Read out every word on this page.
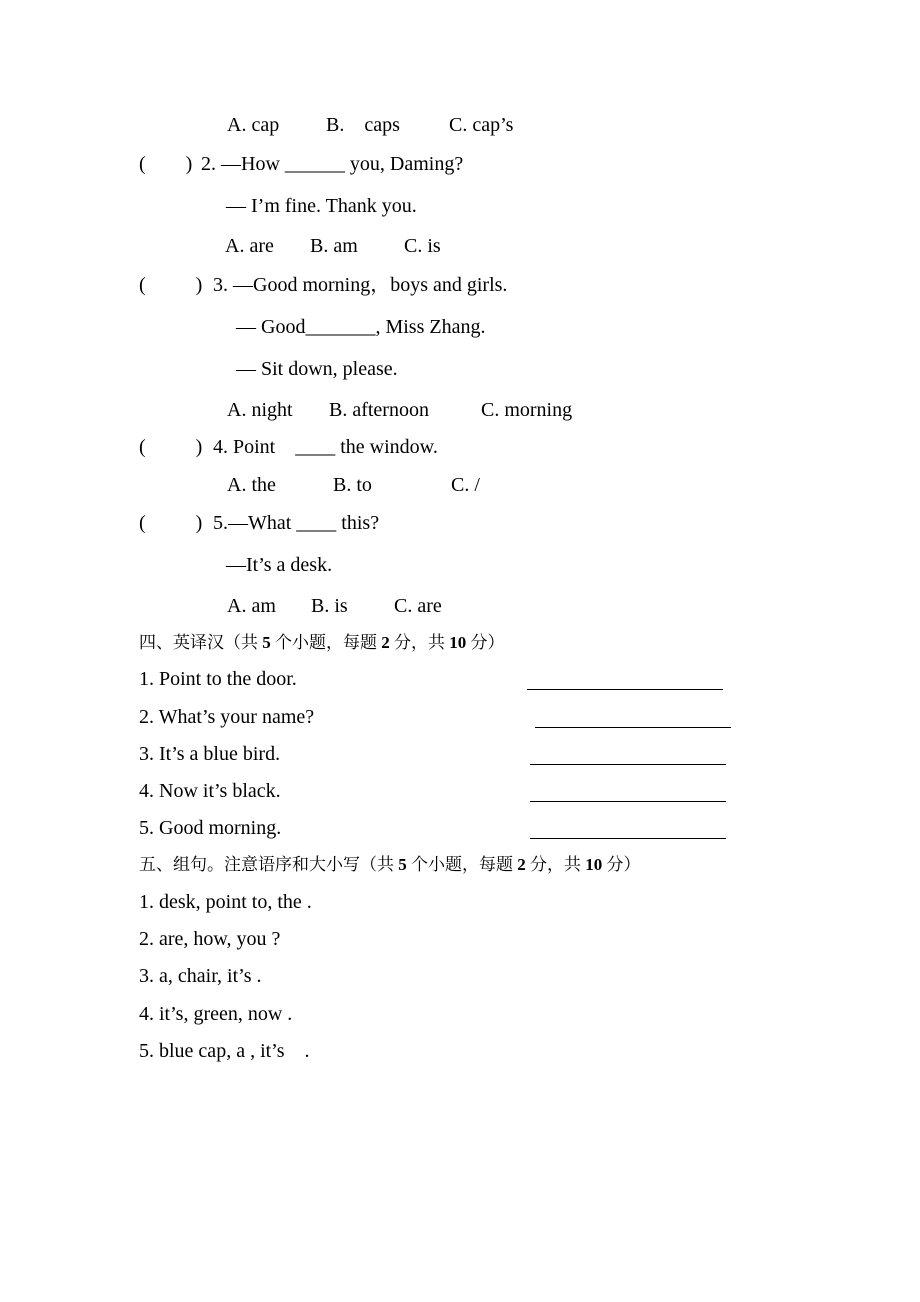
A. cap B.    caps C. cap’s
(        ) 2. —How ______ you, Daming?
— I’m fine. Thank you.
A. are B. am C. is
(          ) 3. —Good morning，boys and girls.
— Good_______, Miss Zhang.
— Sit down, please.
A. night B. afternoon	C. morning
(          ) 4. Point    ____ the window.
A. the	B. to	C. /
(          ) 5.—What ____ this?
—It’s a desk.
A. am B. is C. are
四、英译汉（共 5 个小题，每题 2 分，共 10 分）
1. Point to the door.
2. What’s your name?
3. It’s a blue bird.
4. Now it’s black.
5. Good morning.
五、组句。注意语序和大小写（共 5 个小题，每题 2 分，共 10 分）
1. desk, point to, the .
2. are, how, you ?
3. a, chair, it’s .
4. it’s, green, now .
5. blue cap, a , it’s    .
